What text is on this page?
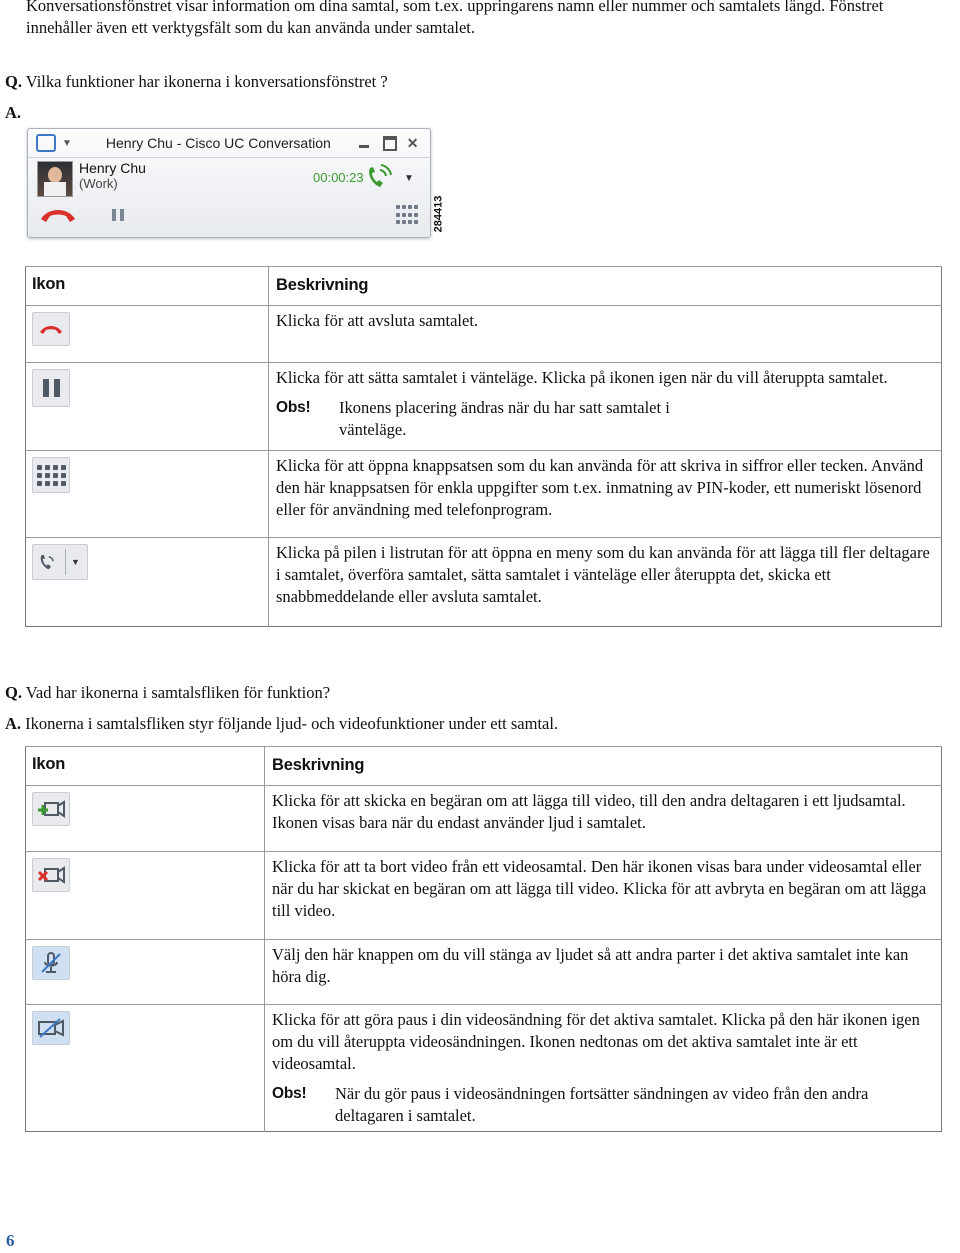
Konversationsfönstret visar information om dina samtal, som t.ex. uppringarens namn eller nummer och samtalets längd. Fönstret

innehåller även ett verktygsfält som du kan använda under samtalet.

Q. Vilka funktioner har ikonerna i konversationsfönstret ?

A.

▼ Henry Chu - Cisco UC Conversation	✕
Henry Chu
(Work)	00:00:23	▼
284413
Ikon	Beskrivning

	Klicka för att avsluta samtalet.

	Klicka för att sätta samtalet i vänteläge. Klicka på ikonen igen när du vill återuppta samtalet.
Obs! Ikonens placering ändras när du har satt samtalet i vänteläge.

	Klicka för att öppna knappsatsen som du kan använda för att skriva in siffror eller tecken. Använd den här knappsatsen för enkla uppgifter som t.ex. inmatning av PIN-koder, ett numeriskt lösenord eller för användning med telefonprogram.

▼	Klicka på pilen i listrutan för att öppna en meny som du kan använda för att lägga till fler deltagare i samtalet, överföra samtalet, sätta samtalet i vänteläge eller återuppta det, skicka ett snabbmeddelande eller avsluta samtalet.

Q. Vad har ikonerna i samtalsfliken för funktion?

A. Ikonerna i samtalsfliken styr följande ljud- och videofunktioner under ett samtal.

Ikon	Beskrivning

	Klicka för att skicka en begäran om att lägga till video, till den andra deltagaren i ett ljudsamtal. Ikonen visas bara när du endast använder ljud i samtalet.

	Klicka för att ta bort video från ett videosamtal. Den här ikonen visas bara under videosamtal eller när du har skickat en begäran om att lägga till video. Klicka för att avbryta en begäran om att lägga till video.

	Välj den här knappen om du vill stänga av ljudet så att andra parter i det aktiva samtalet inte kan höra dig.

Klicka för att göra paus i din videosändning för det aktiva samtalet. Klicka på den här ikonen igen om du vill återuppta videosändningen. Ikonen nedtonas om det aktiva samtalet inte är ett videosamtal.
Obs! När du gör paus i videosändningen fortsätter sändningen av video från den andra deltagaren i samtalet.
6
